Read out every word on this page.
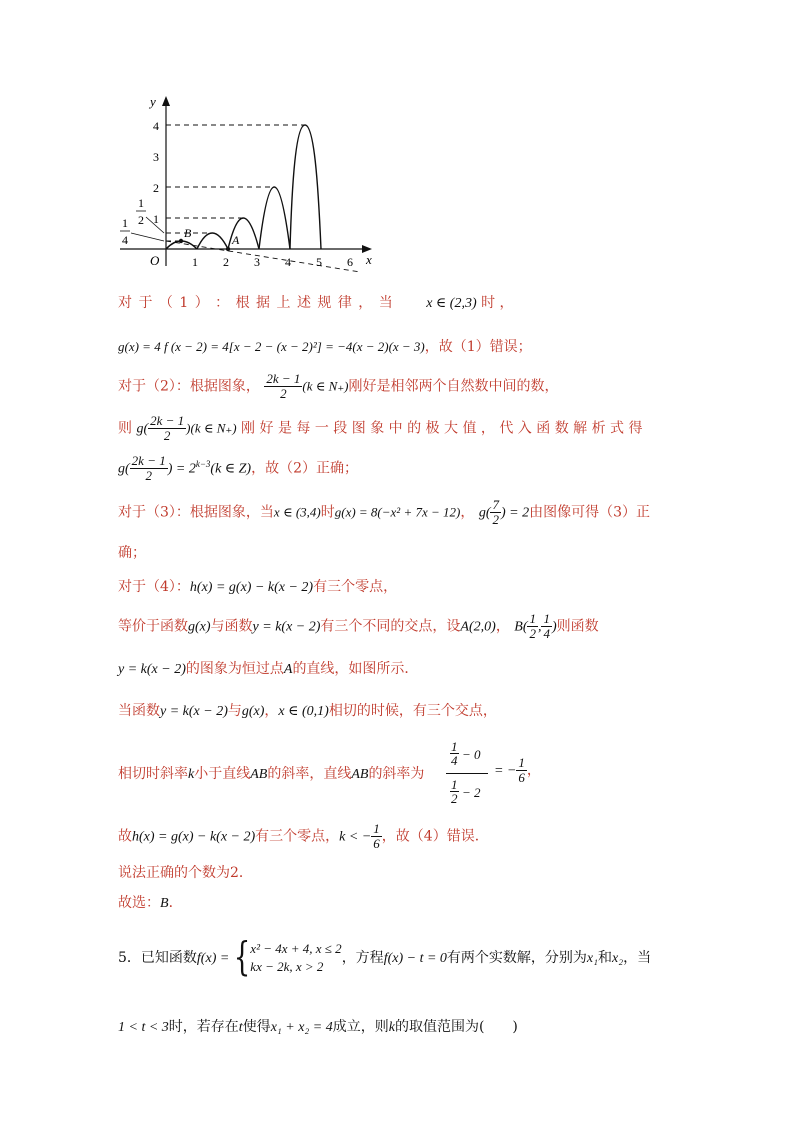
y
x
O	1 2 3 4 5 6
1
2
3
4
1
2
1
4	B	A
对 于 （ 1 ） ： 根 据 上 述 规 律 ， 当 x ∈ (2,3) 时 ，
g(x) = 4 f (x − 2) = 4[x − 2 − (x − 2)²] = −4(x − 2)(x − 3)，故（1）错误；
对于（2）：根据图象， $\frac{2k - 1}{2} (k$ ∈ N₊)刚好是相邻两个自然数中间的数，
则 $g( \frac{2k - 1}{2} )(k$ ∈ N₊) 刚 好 是 每 一 段 图 象 中 的 极 大 值 ， 代 入 函 数 解 析 式 得
$g( \frac{2k - 1}{2}$ ) = $2^{k-3}(k$ ∈ Z)，故（2）正确；
对于（3）：根据图象，当x ∈ (3,4)时g(x) = 8(−x² + 7x − 12)， $g( \frac{7}{2}$ ) = 2由图像可得（3）正
确；
对于（4）：h(x) = g(x) − k(x − 2)有三个零点，
等价于函数g(x)与函数y = k(x − 2)有三个不同的交点，设A(2,0)， $B( \frac{1}{2}$ , $\frac{1}{4}$ )则函数
y = k(x − 2)的图象为恒过点A的直线，如图所示．
当函数y = k(x − 2)与g(x)，x ∈ (0,1)相切的时候，有三个交点，
相切时斜率k小于直线AB的斜率，直线AB的斜率为
1
4 − 0
1
2 − 2
= − $\frac{1}{6}$ ，
故h(x) = g(x) − k(x − 2)有三个零点，k < − $\frac{1}{6}$ ，故（4）错误．
说法正确的个数为2．
故选：B．
5．已知函数f(x) = { x² − 4x + 4, x ≤ 2
kx − 2k, x > 2
，方程f(x) − t = 0有两个实数解，分别为x₁和x₂，当
1 < t < 3时，若存在t使得x₁ + x₂ = 4成立，则k的取值范围为(　　)
